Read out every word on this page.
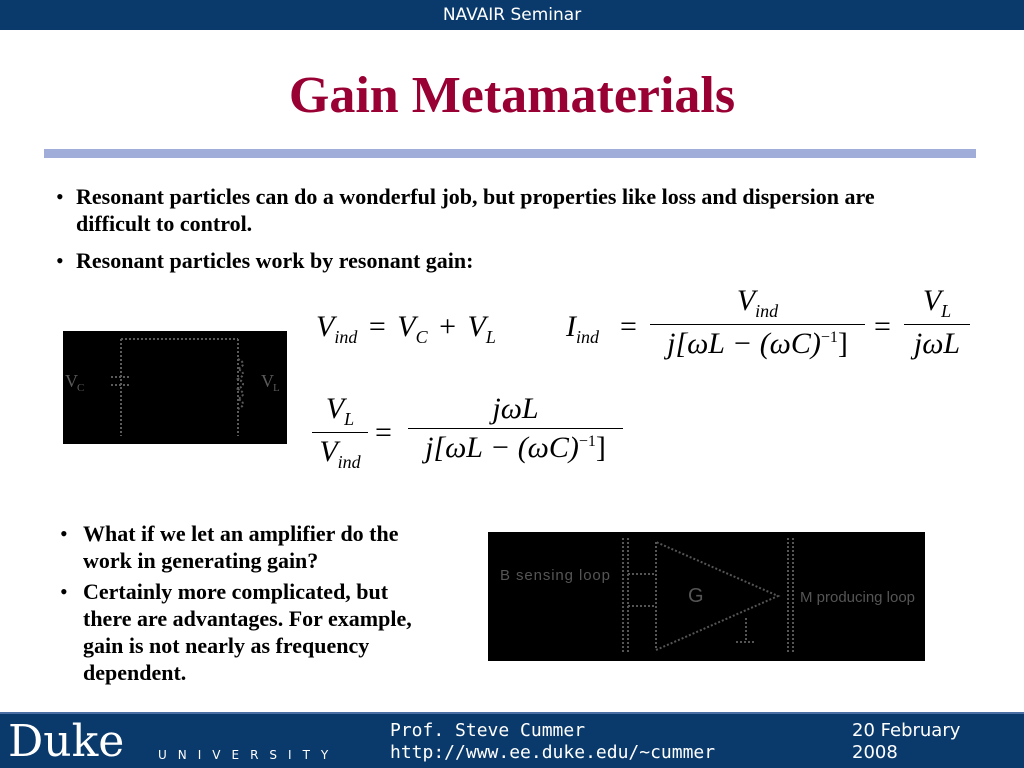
NAVAIR Seminar
Gain Metamaterials
• Resonant particles can do a wonderful job, but properties like loss and dispersion are difficult to control.
• Resonant particles work by resonant gain:
V C	V L
$V_{ind} = V_C + V_L$ $I_{ind}$ =
$V_{ind}$
$j[\omega L - (\omega C)^{-1}]$
=
$V_L$
jωL
$V_L$
$V_{ind}$
=
jωL
$j[\omega L - (\omega C)^{-1}]$
• What if we let an amplifier do the work in generating gain?
• Certainly more complicated, but there are advantages. For example, gain is not nearly as frequency dependent.
G
B sensing loop
M producing loop
Duke	UNIVERSITY
Prof. Steve Cummer
http://www.ee.duke.edu/~cummer
20 February
2008
